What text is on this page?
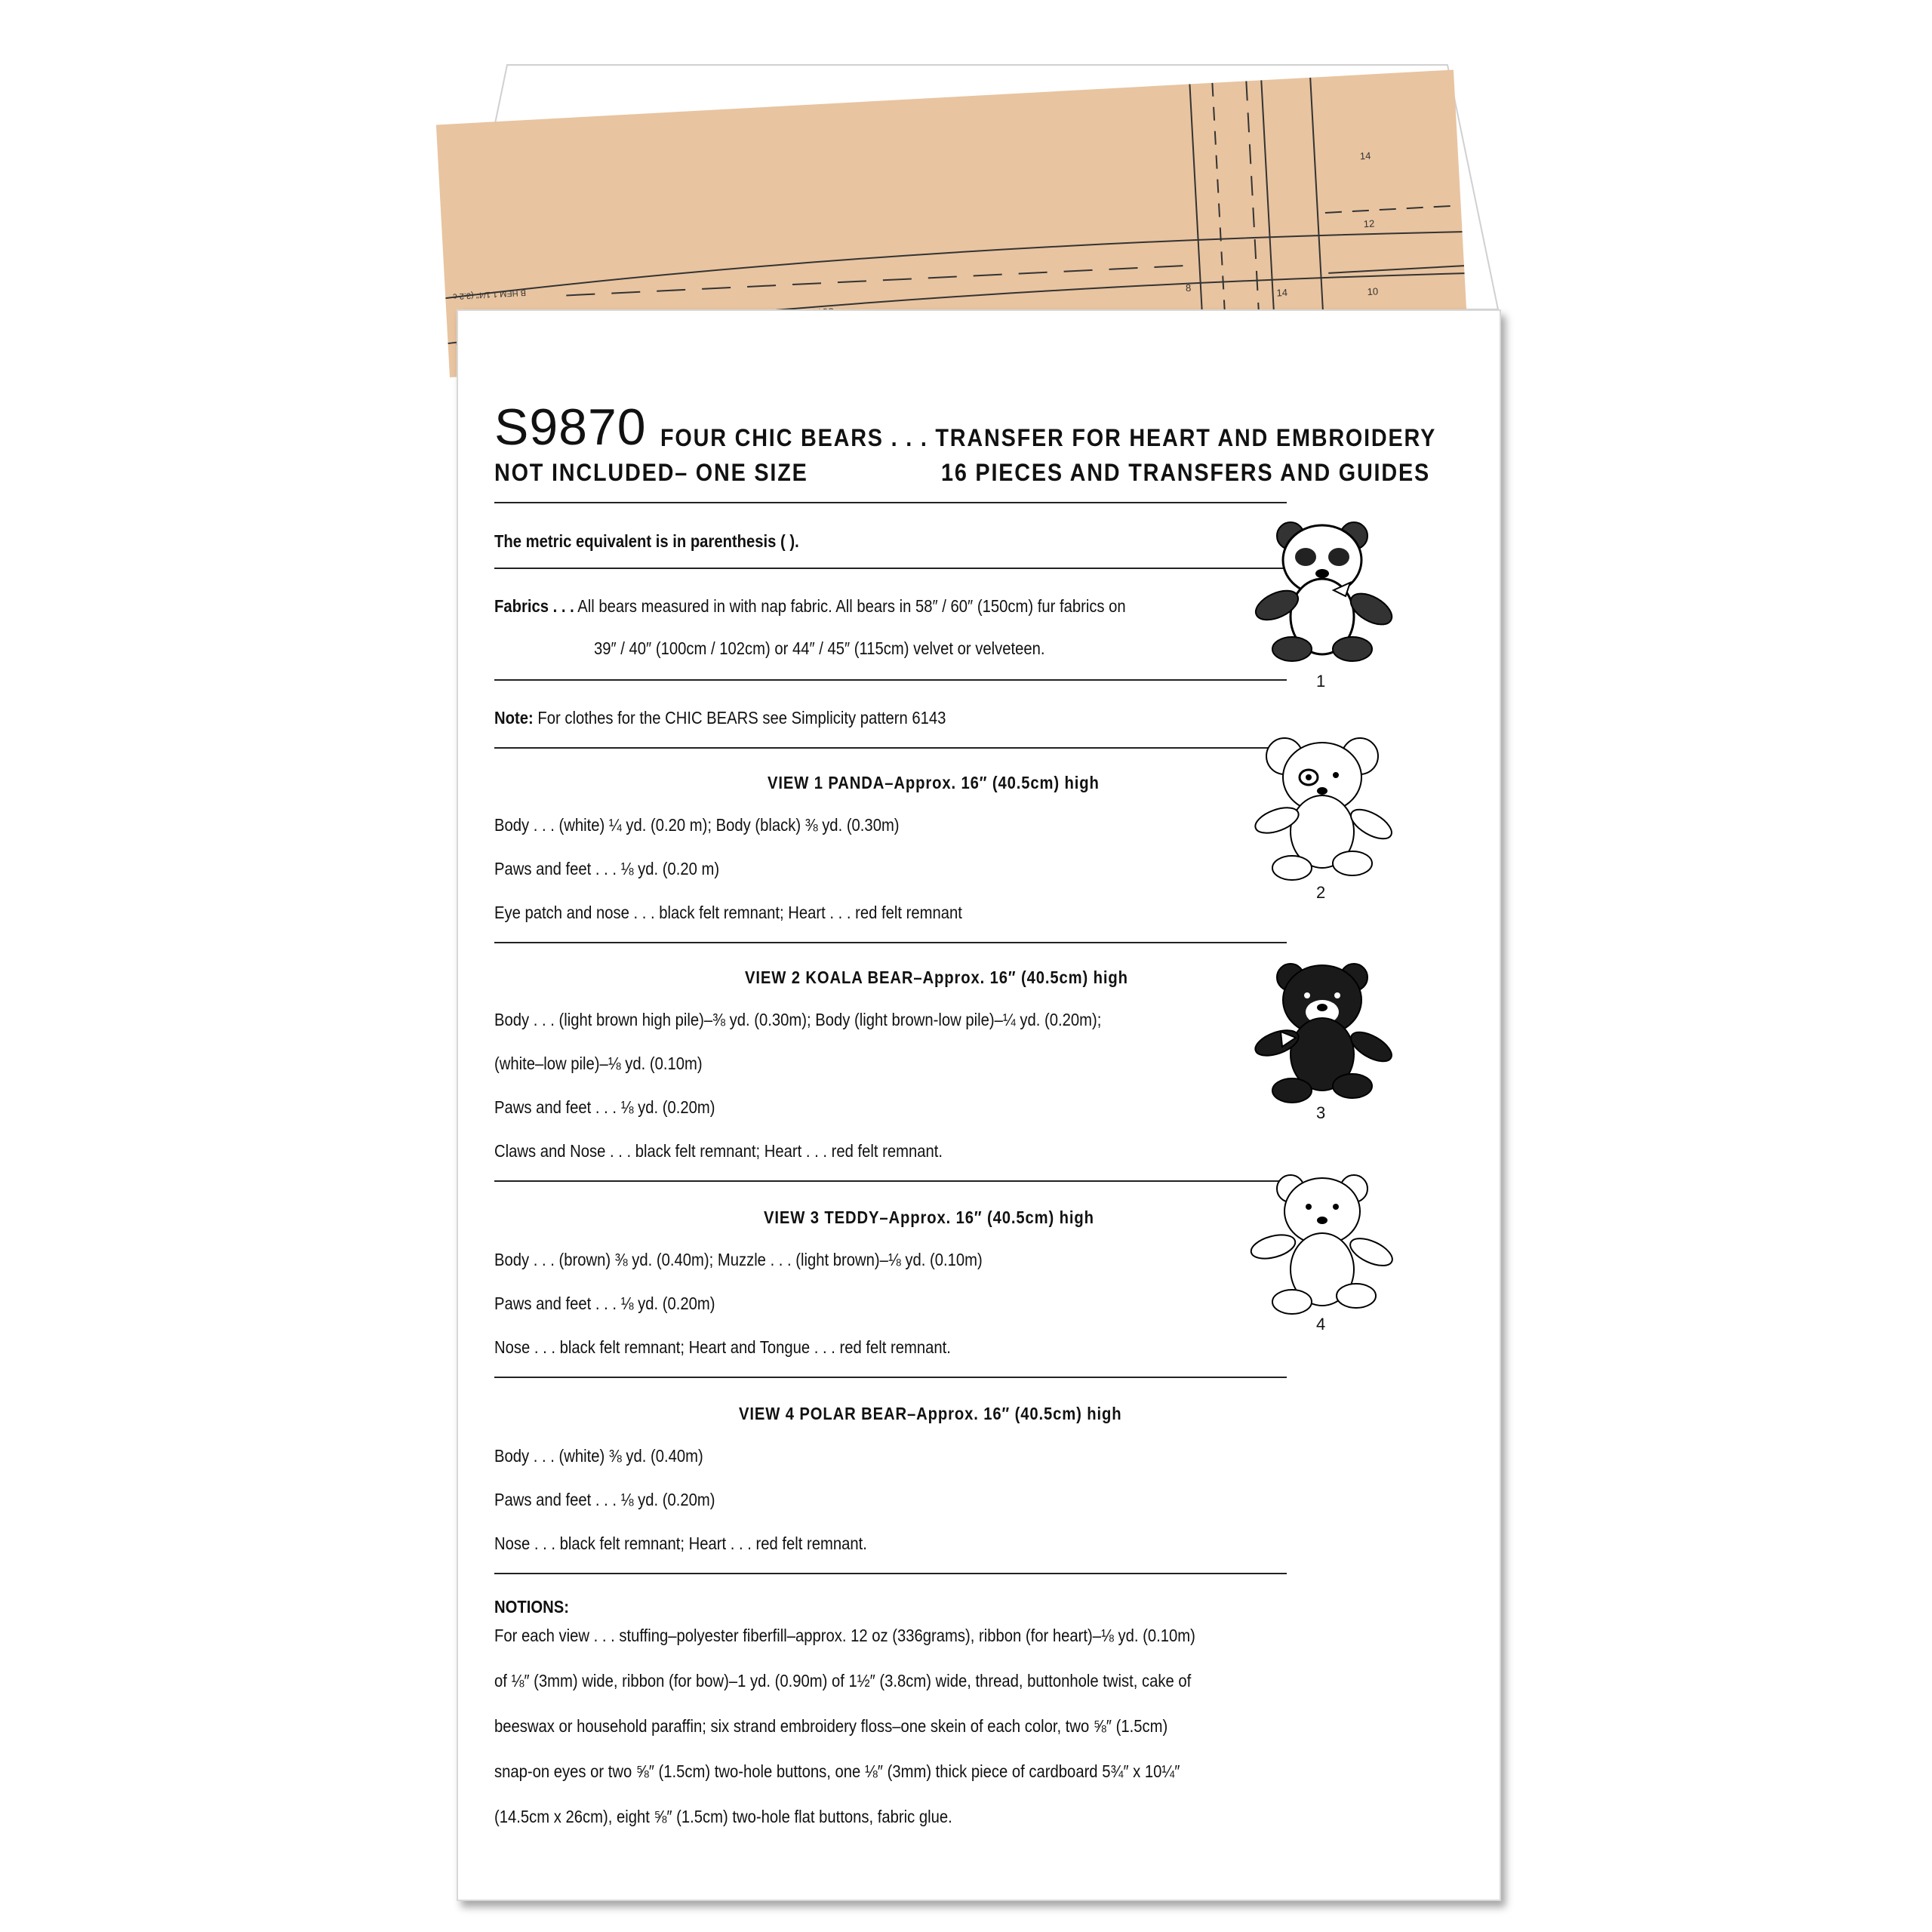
B HEM 1 1/4" (3.2 c
14
12
10
14
8
S9870 FOUR CHIC BEARS . . . TRANSFER FOR HEART AND EMBROIDERY
NOT INCLUDED– ONE SIZE	16 PIECES AND TRANSFERS AND GUIDES
The metric equivalent is in parenthesis ( ).
Fabrics . . . All bears measured in with nap fabric. All bears in 58″ / 60″ (150cm) fur fabrics on
39″ / 40″ (100cm / 102cm) or 44″ / 45″ (115cm) velvet or velveteen.
Note: For clothes for the CHIC BEARS see Simplicity pattern 6143
VIEW 1 PANDA–Approx. 16″ (40.5cm) high
Body . . . (white) ¼ yd. (0.20 m); Body (black) ⅜ yd. (0.30m)
Paws and feet . . . ⅛ yd. (0.20 m)
Eye patch and nose . . . black felt remnant; Heart . . . red felt remnant
VIEW 2 KOALA BEAR–Approx. 16″ (40.5cm) high
Body . . . (light brown high pile)–⅜ yd. (0.30m); Body (light brown-low pile)–¼ yd. (0.20m);
(white–low pile)–⅛ yd. (0.10m)
Paws and feet . . . ⅛ yd. (0.20m)
Claws and Nose . . . black felt remnant; Heart . . . red felt remnant.
VIEW 3 TEDDY–Approx. 16″ (40.5cm) high
Body . . . (brown) ⅜ yd. (0.40m); Muzzle . . . (light brown)–⅛ yd. (0.10m)
Paws and feet . . . ⅛ yd. (0.20m)
Nose . . . black felt remnant; Heart and Tongue . . . red felt remnant.
VIEW 4 POLAR BEAR–Approx. 16″ (40.5cm) high
Body . . . (white) ⅜ yd. (0.40m)
Paws and feet . . . ⅛ yd. (0.20m)
Nose . . . black felt remnant; Heart . . . red felt remnant.
NOTIONS:
For each view . . . stuffing–polyester fiberfill–approx. 12 oz (336grams), ribbon (for heart)–⅛ yd. (0.10m)
of ⅛″ (3mm) wide, ribbon (for bow)–1 yd. (0.90m) of 1½″ (3.8cm) wide, thread, buttonhole twist, cake of
beeswax or household paraffin; six strand embroidery floss–one skein of each color, two ⅝″ (1.5cm)
snap-on eyes or two ⅝″ (1.5cm) two-hole buttons, one ⅛″ (3mm) thick piece of cardboard 5¾″ x 10¼″
(14.5cm x 26cm), eight ⅝″ (1.5cm) two-hole flat buttons, fabric glue.
1
2
3
4
